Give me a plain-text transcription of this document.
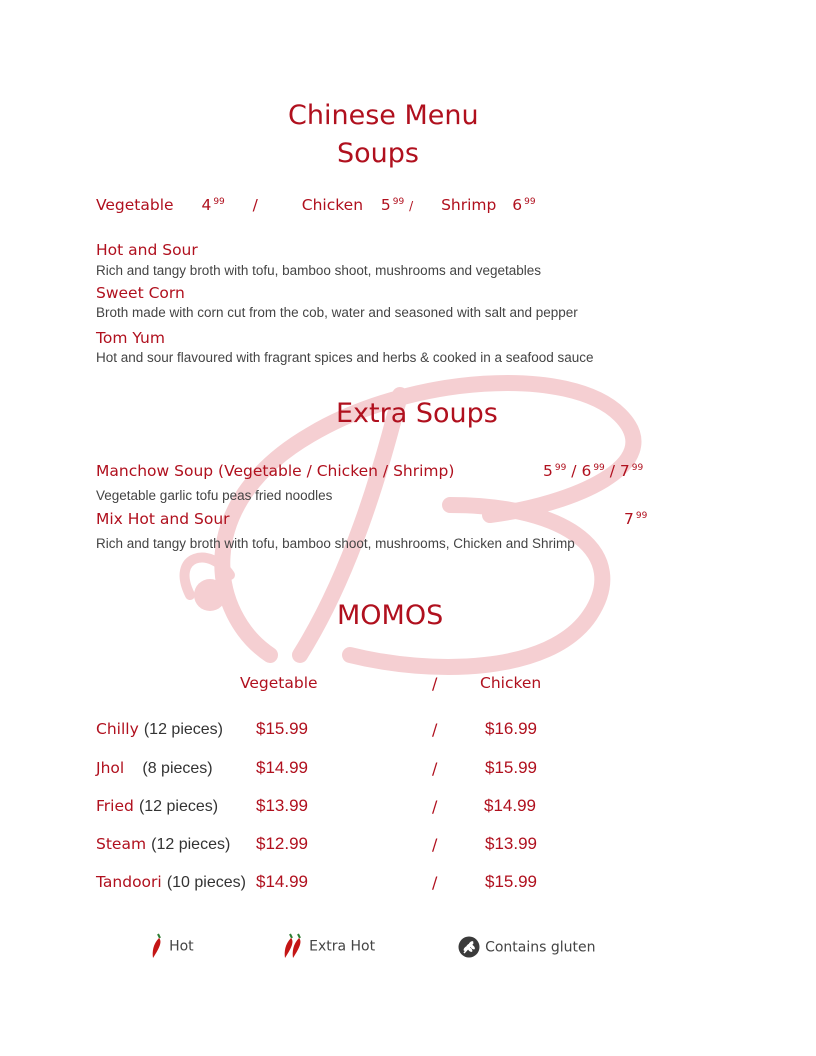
Chinese Menu
Soups
Vegetable 4 $^{99}$ /	Chicken 5 $^{99}$ / Shrimp 6 $^{99}$
Hot and Sour
Rich and tangy broth with tofu, bamboo shoot, mushrooms and vegetables
Sweet Corn
Broth made with corn cut from the cob, water and seasoned with salt and pepper
Tom Yum
Hot and sour flavoured with fragrant spices and herbs & cooked in a seafood sauce
Extra Soups
Manchow Soup (Vegetable / Chicken / Shrimp)	5 $^{99}$ / 6 $^{99}$ / 7 $^{99}$
Vegetable garlic tofu peas fried noodles
Mix Hot and Sour	7 $^{99}$
Rich and tangy broth with tofu, bamboo shoot, mushrooms, Chicken and Shrimp
MOMOS
Vegetable	/	Chicken
Chilly (12 pieces) $15.99	/	$16.99
Jhol (8 pieces)	$14.99	/	$15.99
Fried (12 pieces) $13.99	/	$14.99
Steam (12 pieces) $12.99	/	$13.99
Tandoori (10 pieces) $14.99	/	$15.99
Hot	Extra Hot	Contains gluten
